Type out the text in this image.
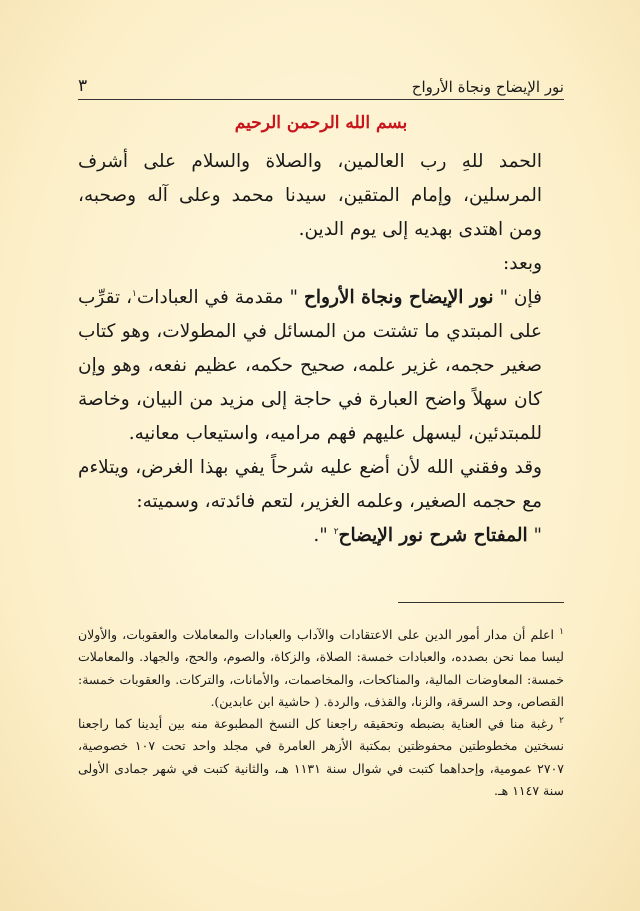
نور الإيضاح ونجاة الأرواح
٣
بسم الله الرحمن الرحيم

الحمد للهِ رب العالمين، والصلاة والسلام على أشرف المرسلين، وإمام المتقين، سيدنا محمد وعلى آله وصحبه، ومن اهتدى بهديه إلى يوم الدين.

وبعد:

فإن " نور الإيضاح ونجاة الأرواح " مقدمة في العبادات$^١$، تقرِّب على المبتدي ما تشتت من المسائل في المطولات، وهو كتاب صغير حجمه، غزير علمه، صحيح حكمه، عظيم نفعه، وهو وإن كان سهلاً واضح العبارة في حاجة إلى مزيد من البيان، وخاصة للمبتدئين، ليسهل عليهم فهم مراميه، واستيعاب معانيه.

وقد وفقني الله لأن أضع عليه شرحاً يفي بهذا الغرض، ويتلاءم مع حجمه الصغير، وعلمه الغزير، لتعم فائدته، وسميته:

" المفتاح شرح نور الإيضاح$^٢$ ".

$^١$ اعلم أن مدار أمور الدين على الاعتقادات والآداب والعبادات والمعاملات والعقوبات، والأولان ليسا مما نحن بصدده، والعبادات خمسة: الصلاة، والزكاة، والصوم، والحج، والجهاد. والمعاملات خمسة: المعاوضات المالية، والمناكحات، والمخاصمات، والأمانات، والتركات. والعقوبات خمسة: القصاص، وحد السرقة، والزنا، والقذف، والردة. ( حاشية ابن عابدين).

$^٢$ رغبة منا في العناية بضبطه وتحقيقه راجعنا كل النسخ المطبوعة منه بين أيدينا كما راجعنا نسختين مخطوطتين محفوظتين بمكتبة الأزهر العامرة في مجلد واحد تحت ١٠٧ خصوصية، ٢٧٠٧ عمومية، وإحداهما كتبت في شوال سنة ١١٣١ هـ، والثانية كتبت في شهر جمادى الأولى سنة ١١٤٧ هـ.
